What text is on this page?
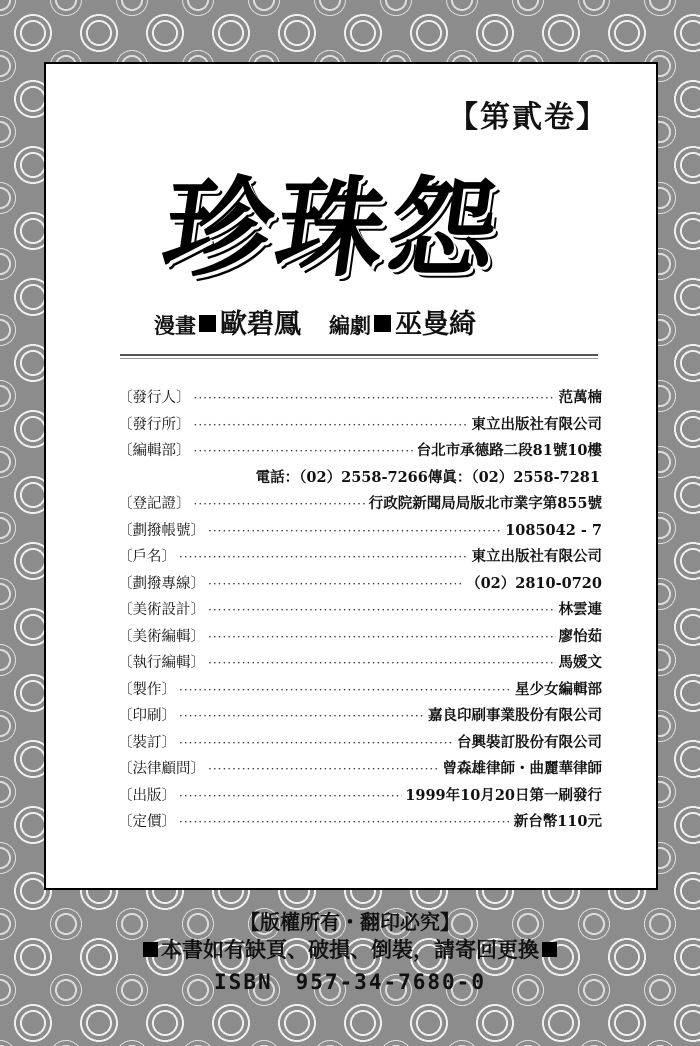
【第貳卷】
珍珠怨
漫畫 歐碧鳳 編劇 巫曼綺
〔發行人〕 ·····	范萬楠
〔發行所〕 ·····	東立出版社有限公司
〔編輯部〕 ·····	台北市承德路二段81號10樓
電話：（02）2558-7266傳眞：（02）2558-7281
〔登記證〕 ·····	行政院新聞局局版北市業字第855號
〔劃撥帳號〕 ·····	1085042 - 7
〔戶名〕 ·····	東立出版社有限公司
〔劃撥專線〕 ·····	（02）2810-0720
〔美術設計〕 ·····	林雲連
〔美術編輯〕 ·····	廖怡茹
〔執行編輯〕 ·····	馬媛文
〔製作〕 ·····	星少女編輯部
〔印刷〕 ·····	嘉良印刷事業股份有限公司
〔裝訂〕 ·····	台興裝訂股份有限公司
〔法律顧問〕 ·····	曾森雄律師・曲麗華律師
〔出版〕 ·····	1999年10月20日第一刷發行
〔定價〕 ·····	新台幣110元
【版權所有・翻印必究】
本書如有缺頁、破損、倒裝，請寄回更換
ISBN　957-34-7680-0
